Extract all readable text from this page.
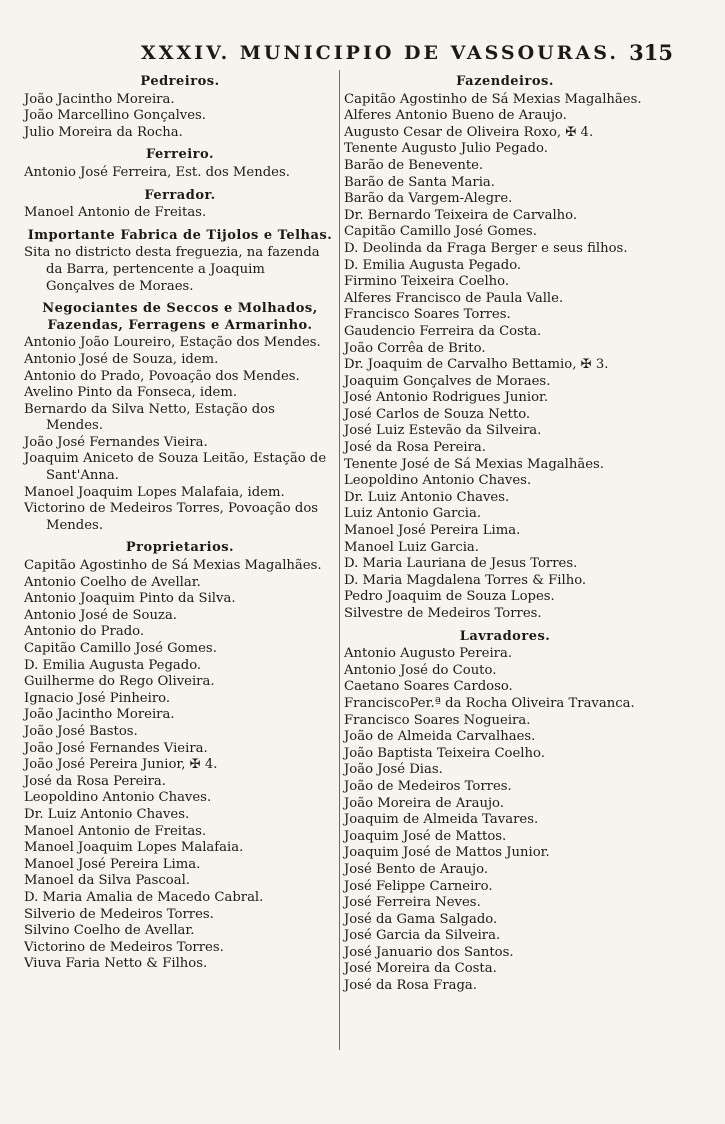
XXXIV. MUNICIPIO DE VASSOURAS. 315
Pedreiros.
João Jacintho Moreira.
João Marcellino Gonçalves.
Julio Moreira da Rocha.
Ferreiro.
Antonio José Ferreira, Est. dos Mendes.
Ferrador.
Manoel Antonio de Freitas.
Importante Fabrica de Tijolos e Telhas.
Sita no districto desta freguezia, na fazenda da Barra, pertencente a Joaquim Gonçalves de Moraes.
Negociantes de Seccos e Molhados, Fazendas, Ferragens e Armarinho.
Antonio João Loureiro, Estação dos Mendes.
Antonio José de Souza, idem.
Antonio do Prado, Povoação dos Mendes.
Avelino Pinto da Fonseca, idem.
Bernardo da Silva Netto, Estação dos Mendes.
João José Fernandes Vieira.
Joaquim Aniceto de Souza Leitão, Estação de Sant'Anna.
Manoel Joaquim Lopes Malafaia, idem.
Victorino de Medeiros Torres, Povoação dos Mendes.
Proprietarios.
Capitão Agostinho de Sá Mexias Magalhães.
Antonio Coelho de Avellar.
Antonio Joaquim Pinto da Silva.
Antonio José de Souza.
Antonio do Prado.
Capitão Camillo José Gomes.
D. Emilia Augusta Pegado.
Guilherme do Rego Oliveira.
Ignacio José Pinheiro.
João Jacintho Moreira.
João José Bastos.
João José Fernandes Vieira.
João José Pereira Junior, ✠ 4.
José da Rosa Pereira.
Leopoldino Antonio Chaves.
Dr. Luiz Antonio Chaves.
Manoel Antonio de Freitas.
Manoel Joaquim Lopes Malafaia.
Manoel José Pereira Lima.
Manoel da Silva Pascoal.
D. Maria Amalia de Macedo Cabral.
Silverio de Medeiros Torres.
Silvino Coelho de Avellar.
Victorino de Medeiros Torres.
Viuva Faria Netto & Filhos.
Fazendeiros.
Capitão Agostinho de Sá Mexias Magalhães.
Alferes Antonio Bueno de Araujo.
Augusto Cesar de Oliveira Roxo, ✠ 4.
Tenente Augusto Julio Pegado.
Barão de Benevente.
Barão de Santa Maria.
Barão da Vargem-Alegre.
Dr. Bernardo Teixeira de Carvalho.
Capitão Camillo José Gomes.
D. Deolinda da Fraga Berger e seus filhos.
D. Emilia Augusta Pegado.
Firmino Teixeira Coelho.
Alferes Francisco de Paula Valle.
Francisco Soares Torres.
Gaudencio Ferreira da Costa.
João Corrêa de Brito.
Dr. Joaquim de Carvalho Bettamio, ✠ 3.
Joaquim Gonçalves de Moraes.
José Antonio Rodrigues Junior.
José Carlos de Souza Netto.
José Luiz Estevão da Silveira.
José da Rosa Pereira.
Tenente José de Sá Mexias Magalhães.
Leopoldino Antonio Chaves.
Dr. Luiz Antonio Chaves.
Luiz Antonio Garcia.
Manoel José Pereira Lima.
Manoel Luiz Garcia.
D. Maria Lauriana de Jesus Torres.
D. Maria Magdalena Torres & Filho.
Pedro Joaquim de Souza Lopes.
Silvestre de Medeiros Torres.
Lavradores.
Antonio Augusto Pereira.
Antonio José do Couto.
Caetano Soares Cardoso.
FranciscoPer.ª da Rocha Oliveira Travanca.
Francisco Soares Nogueira.
João de Almeida Carvalhaes.
João Baptista Teixeira Coelho.
João José Dias.
João de Medeiros Torres.
João Moreira de Araujo.
Joaquim de Almeida Tavares.
Joaquim José de Mattos.
Joaquim José de Mattos Junior.
José Bento de Araujo.
José Felippe Carneiro.
José Ferreira Neves.
José da Gama Salgado.
José Garcia da Silveira.
José Januario dos Santos.
José Moreira da Costa.
José da Rosa Fraga.
